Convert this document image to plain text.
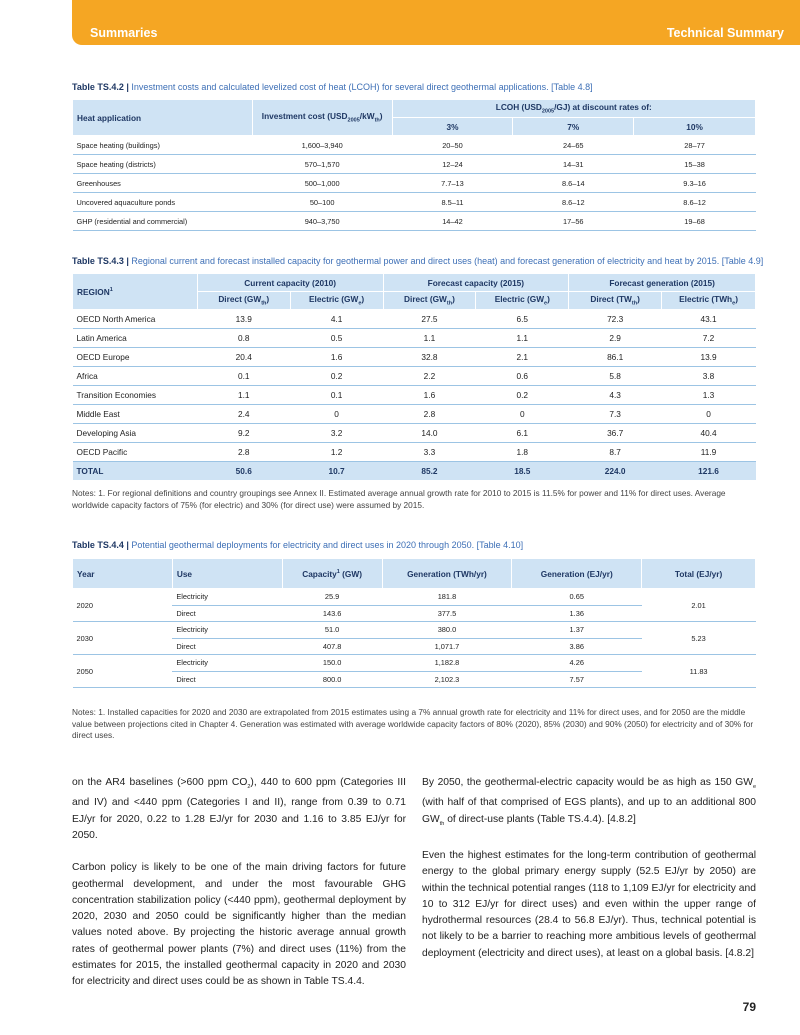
Summaries	Technical Summary
Table TS.4.2 | Investment costs and calculated levelized cost of heat (LCOH) for several direct geothermal applications. [Table 4.8]
Heat application	Investment cost $(USD_{2005}/kW_{th})$	LCOH $(USD_{2005}/GJ)$ at discount rates of:		
		3%	7%	10%
Space heating (buildings)	1,600–3,940	20–50	24–65	28–77
Space heating (districts)	570–1,570	12–24	14–31	15–38
Greenhouses	500–1,000	7.7–13	8.6–14	9.3–16
Uncovered aquaculture ponds	50–100	8.5–11	8.6–12	8.6–12
GHP (residential and commercial)	940–3,750	14–42	17–56	19–68
Table TS.4.3 | Regional current and forecast installed capacity for geothermal power and direct uses (heat) and forecast generation of electricity and heat by 2015. [Table 4.9]
REGION$^1$	Current capacity (2010)		Forecast capacity (2015)		Forecast generation (2015)	
	Direct $(GW_{th})$	Electric $(GW_e)$	Direct $(GW_{th})$	Electric $(GW_e)$	Direct $(TW_{th})$	Electric (TWh$_e$)
OECD North America	13.9	4.1	27.5	6.5	72.3	43.1
Latin America	0.8	0.5	1.1	1.1	2.9	7.2
OECD Europe	20.4	1.6	32.8	2.1	86.1	13.9
Africa	0.1	0.2	2.2	0.6	5.8	3.8
Transition Economies	1.1	0.1	1.6	0.2	4.3	1.3
Middle East	2.4	0	2.8	0	7.3	0
Developing Asia	9.2	3.2	14.0	6.1	36.7	40.4
OECD Pacific	2.8	1.2	3.3	1.8	8.7	11.9
TOTAL	50.6	10.7	85.2	18.5	224.0	121.6
Notes: 1. For regional definitions and country groupings see Annex II. Estimated average annual growth rate for 2010 to 2015 is 11.5% for power and 11% for direct uses. Average worldwide capacity factors of 75% (for electric) and 30% (for direct use) were assumed by 2015.
Table TS.4.4 | Potential geothermal deployments for electricity and direct uses in 2020 through 2050. [Table 4.10]
Year	Use	Capacity$^1$ (GW)	Generation (TWh/yr)	Generation (EJ/yr)	Total (EJ/yr)
2020	Electricity	25.9	181.8	0.65	2.01
	Direct	143.6	377.5	1.36	
2030	Electricity	51.0	380.0	1.37	5.23
	Direct	407.8	1,071.7	3.86	
2050	Electricity	150.0	1,182.8	4.26	11.83
	Direct	800.0	2,102.3	7.57	
Notes: 1. Installed capacities for 2020 and 2030 are extrapolated from 2015 estimates using a 7% annual growth rate for electricity and 11% for direct uses, and for 2050 are the middle value between projections cited in Chapter 4. Generation was estimated with average worldwide capacity factors of 80% (2020), 85% (2030) and 90% (2050) for electricity and of 30% for direct uses.

on the AR4 baselines (>600 ppm $CO_2$), 440 to 600 ppm (Categories III and IV) and <440 ppm (Categories I and II), range from 0.39 to 0.71 EJ/yr for 2020, 0.22 to 1.28 EJ/yr for 2030 and 1.16 to 3.85 EJ/yr for 2050.

Carbon policy is likely to be one of the main driving factors for future geothermal development, and under the most favourable GHG concentration stabilization policy (<440 ppm), geothermal deployment by 2020, 2030 and 2050 could be significantly higher than the median values noted above. By projecting the historic average annual growth rates of geothermal power plants (7%) and direct uses (11%) from the estimates for 2015, the installed geothermal capacity in 2020 and 2030 for electricity and direct uses could be as shown in Table TS.4.4.

By 2050, the geothermal-electric capacity would be as high as 150 $GW_e$ (with half of that comprised of EGS plants), and up to an additional 800 $GW_{th}$ of direct-use plants (Table TS.4.4). [4.8.2]

Even the highest estimates for the long-term contribution of geothermal energy to the global primary energy supply (52.5 EJ/yr by 2050) are within the technical potential ranges (118 to 1,109 EJ/yr for electricity and 10 to 312 EJ/yr for direct uses) and even within the upper range of hydrothermal resources (28.4 to 56.8 EJ/yr). Thus, technical potential is not likely to be a barrier to reaching more ambitious levels of geothermal deployment (electricity and direct uses), at least on a global basis. [4.8.2]

79
